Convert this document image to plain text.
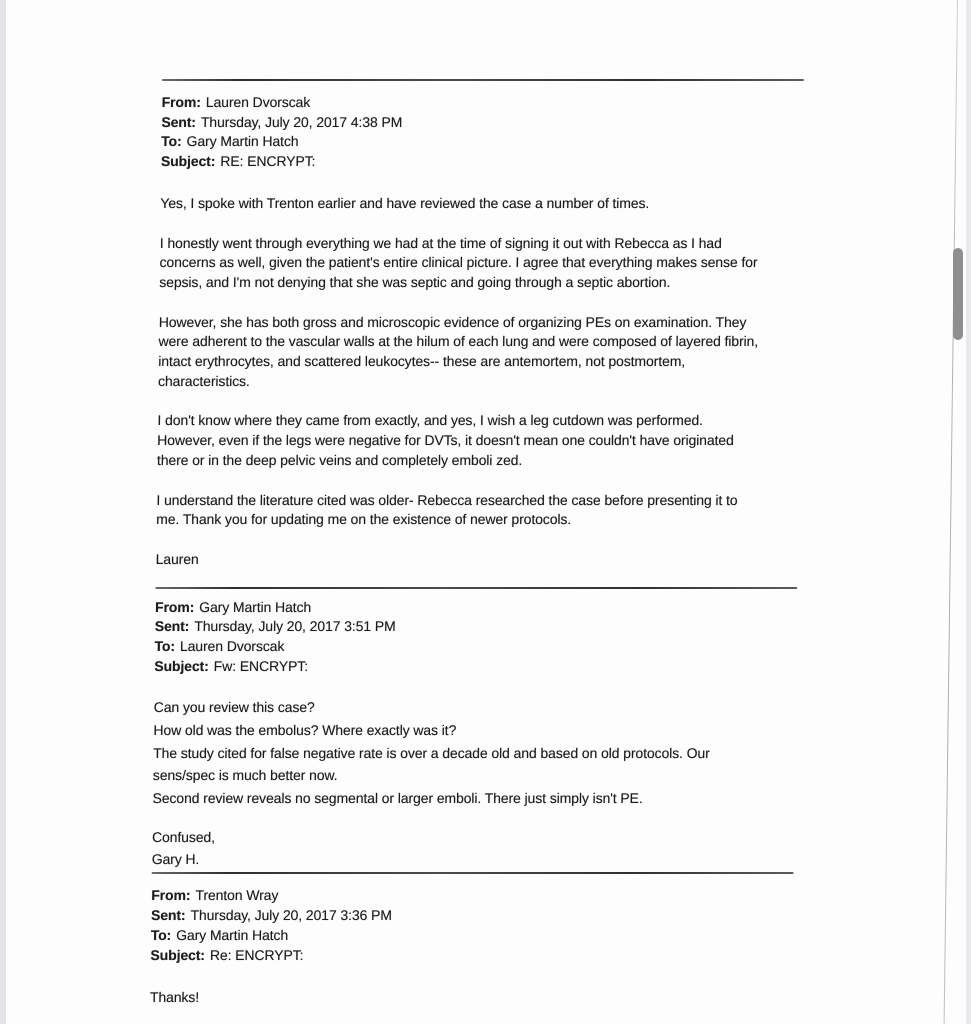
From: Lauren Dvorscak
Sent: Thursday, July 20, 2017 4:38 PM
To: Gary Martin Hatch
Subject: RE: ENCRYPT:
Yes, I spoke with Trenton earlier and have reviewed the case a number of times.
I honestly went through everything we had at the time of signing it out with Rebecca as I had
concerns as well, given the patient's entire clinical picture. I agree that everything makes sense for
sepsis, and I'm not denying that she was septic and going through a septic abortion.
However, she has both gross and microscopic evidence of organizing PEs on examination. They
were adherent to the vascular walls at the hilum of each lung and were composed of layered fibrin,
intact erythrocytes, and scattered leukocytes-- these are antemortem, not postmortem,
characteristics.
I don't know where they came from exactly, and yes, I wish a leg cutdown was performed.
However, even if the legs were negative for DVTs, it doesn't mean one couldn't have originated
there or in the deep pelvic veins and completely emboli zed.
I understand the literature cited was older- Rebecca researched the case before presenting it to
me. Thank you for updating me on the existence of newer protocols.
Lauren
From: Gary Martin Hatch
Sent: Thursday, July 20, 2017 3:51 PM
To: Lauren Dvorscak
Subject: Fw: ENCRYPT:
Can you review this case?
How old was the embolus? Where exactly was it?
The study cited for false negative rate is over a decade old and based on old protocols. Our
sens/spec is much better now.
Second review reveals no segmental or larger emboli. There just simply isn't PE.
Confused,
Gary H.
From: Trenton Wray
Sent: Thursday, July 20, 2017 3:36 PM
To: Gary Martin Hatch
Subject: Re: ENCRYPT:
Thanks!
